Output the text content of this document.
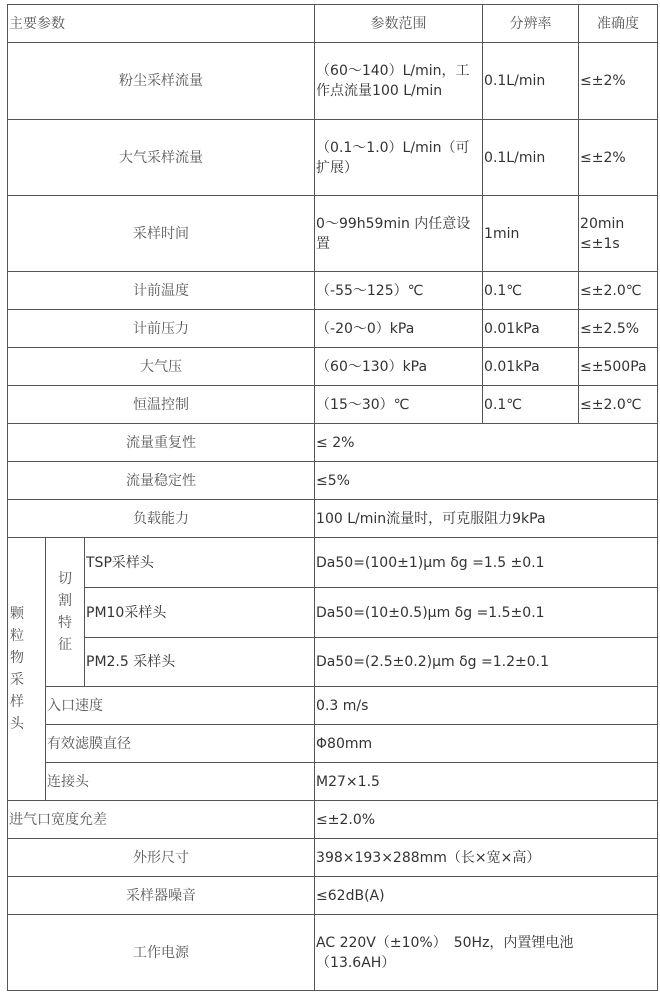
主要参数			参数范围	分辨率	准确度
粉尘采样流量			（60～140）L/min，工作点流量100 L/min	0.1L/min	≤±2%
大气采样流量			（0.1～1.0）L/min（可扩展）	0.1L/min	≤±2%
采样时间			0～99h59min 内任意设置	1min	20min ≤±1s
计前温度			（-55～125）℃	0.1℃	≤±2.0℃
计前压力			（-20～0）kPa	0.01kPa	≤±2.5%
大气压			（60～130）kPa	0.01kPa	≤±500Pa
恒温控制			（15～30）℃	0.1℃	≤±2.0℃
流量重复性			≤ 2%		
流量稳定性			≤5%		
负载能力			100 L/min流量时，可克服阻力9kPa		

颗粒物采样头	切割特征	TSP采样头	Da50=(100±1)μm δg =1.5 ±0.1		
		PM10采样头	Da50=(10±0.5)μm δg =1.5±0.1		
		PM2.5 采样头	Da50=(2.5±0.2)μm δg =1.2±0.1		
	入口速度		0.3 m/s		
	有效滤膜直径		Φ80mm		
	连接头		M27×1.5		
进气口宽度允差			≤±2.0%		
外形尺寸			398×193×288mm（长×宽×高）		
采样器噪音			≤62dB(A)		
工作电源			AC 220V（±10%）　50Hz，内置锂电池（13.6AH）		
